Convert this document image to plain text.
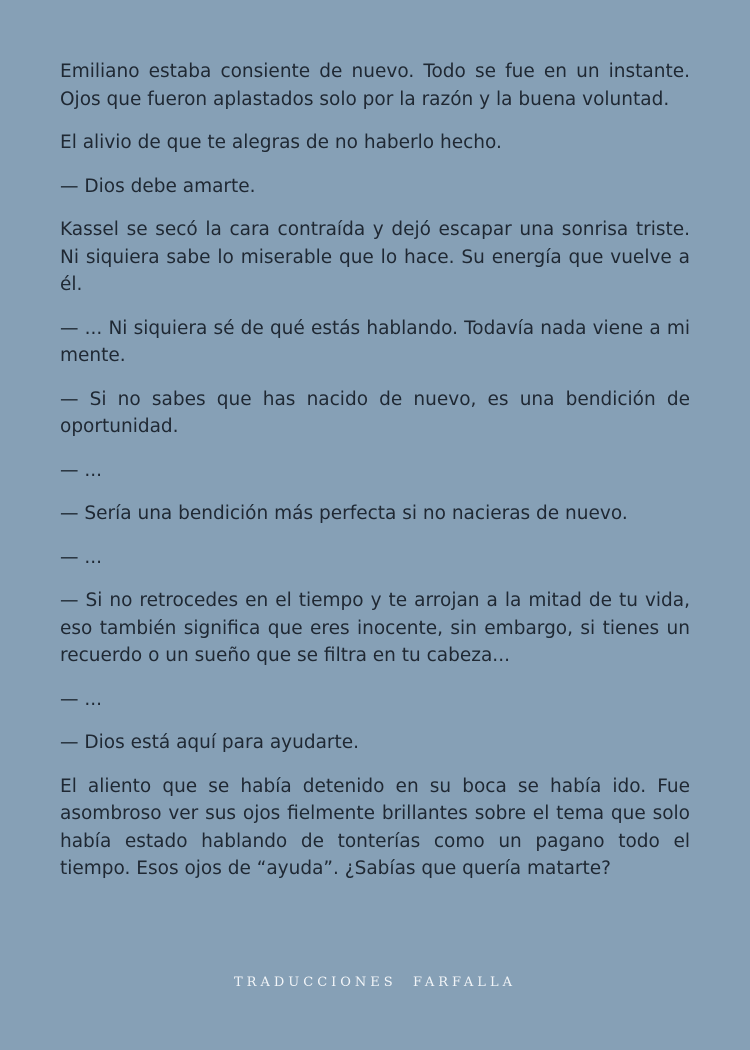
Emiliano estaba consiente de nuevo. Todo se fue en un instante. Ojos que fueron aplastados solo por la razón y la buena voluntad.

El alivio de que te alegras de no haberlo hecho.

— Dios debe amarte.

Kassel se secó la cara contraída y dejó escapar una sonrisa triste. Ni siquiera sabe lo miserable que lo hace. Su energía que vuelve a él.

— ... Ni siquiera sé de qué estás hablando. Todavía nada viene a mi mente.

— Si no sabes que has nacido de nuevo, es una bendición de oportunidad.

— ...

— Sería una bendición más perfecta si no nacieras de nuevo.

— ...

— Si no retrocedes en el tiempo y te arrojan a la mitad de tu vida, eso también significa que eres inocente, sin embargo, si tienes un recuerdo o un sueño que se filtra en tu cabeza...

— ...

— Dios está aquí para ayudarte.

El aliento que se había detenido en su boca se había ido. Fue asombroso ver sus ojos fielmente brillantes sobre el tema que solo había estado hablando de tonterías como un pagano todo el tiempo. Esos ojos de “ayuda”. ¿Sabías que quería matarte?

TRADUCCIONES  FARFALLA
